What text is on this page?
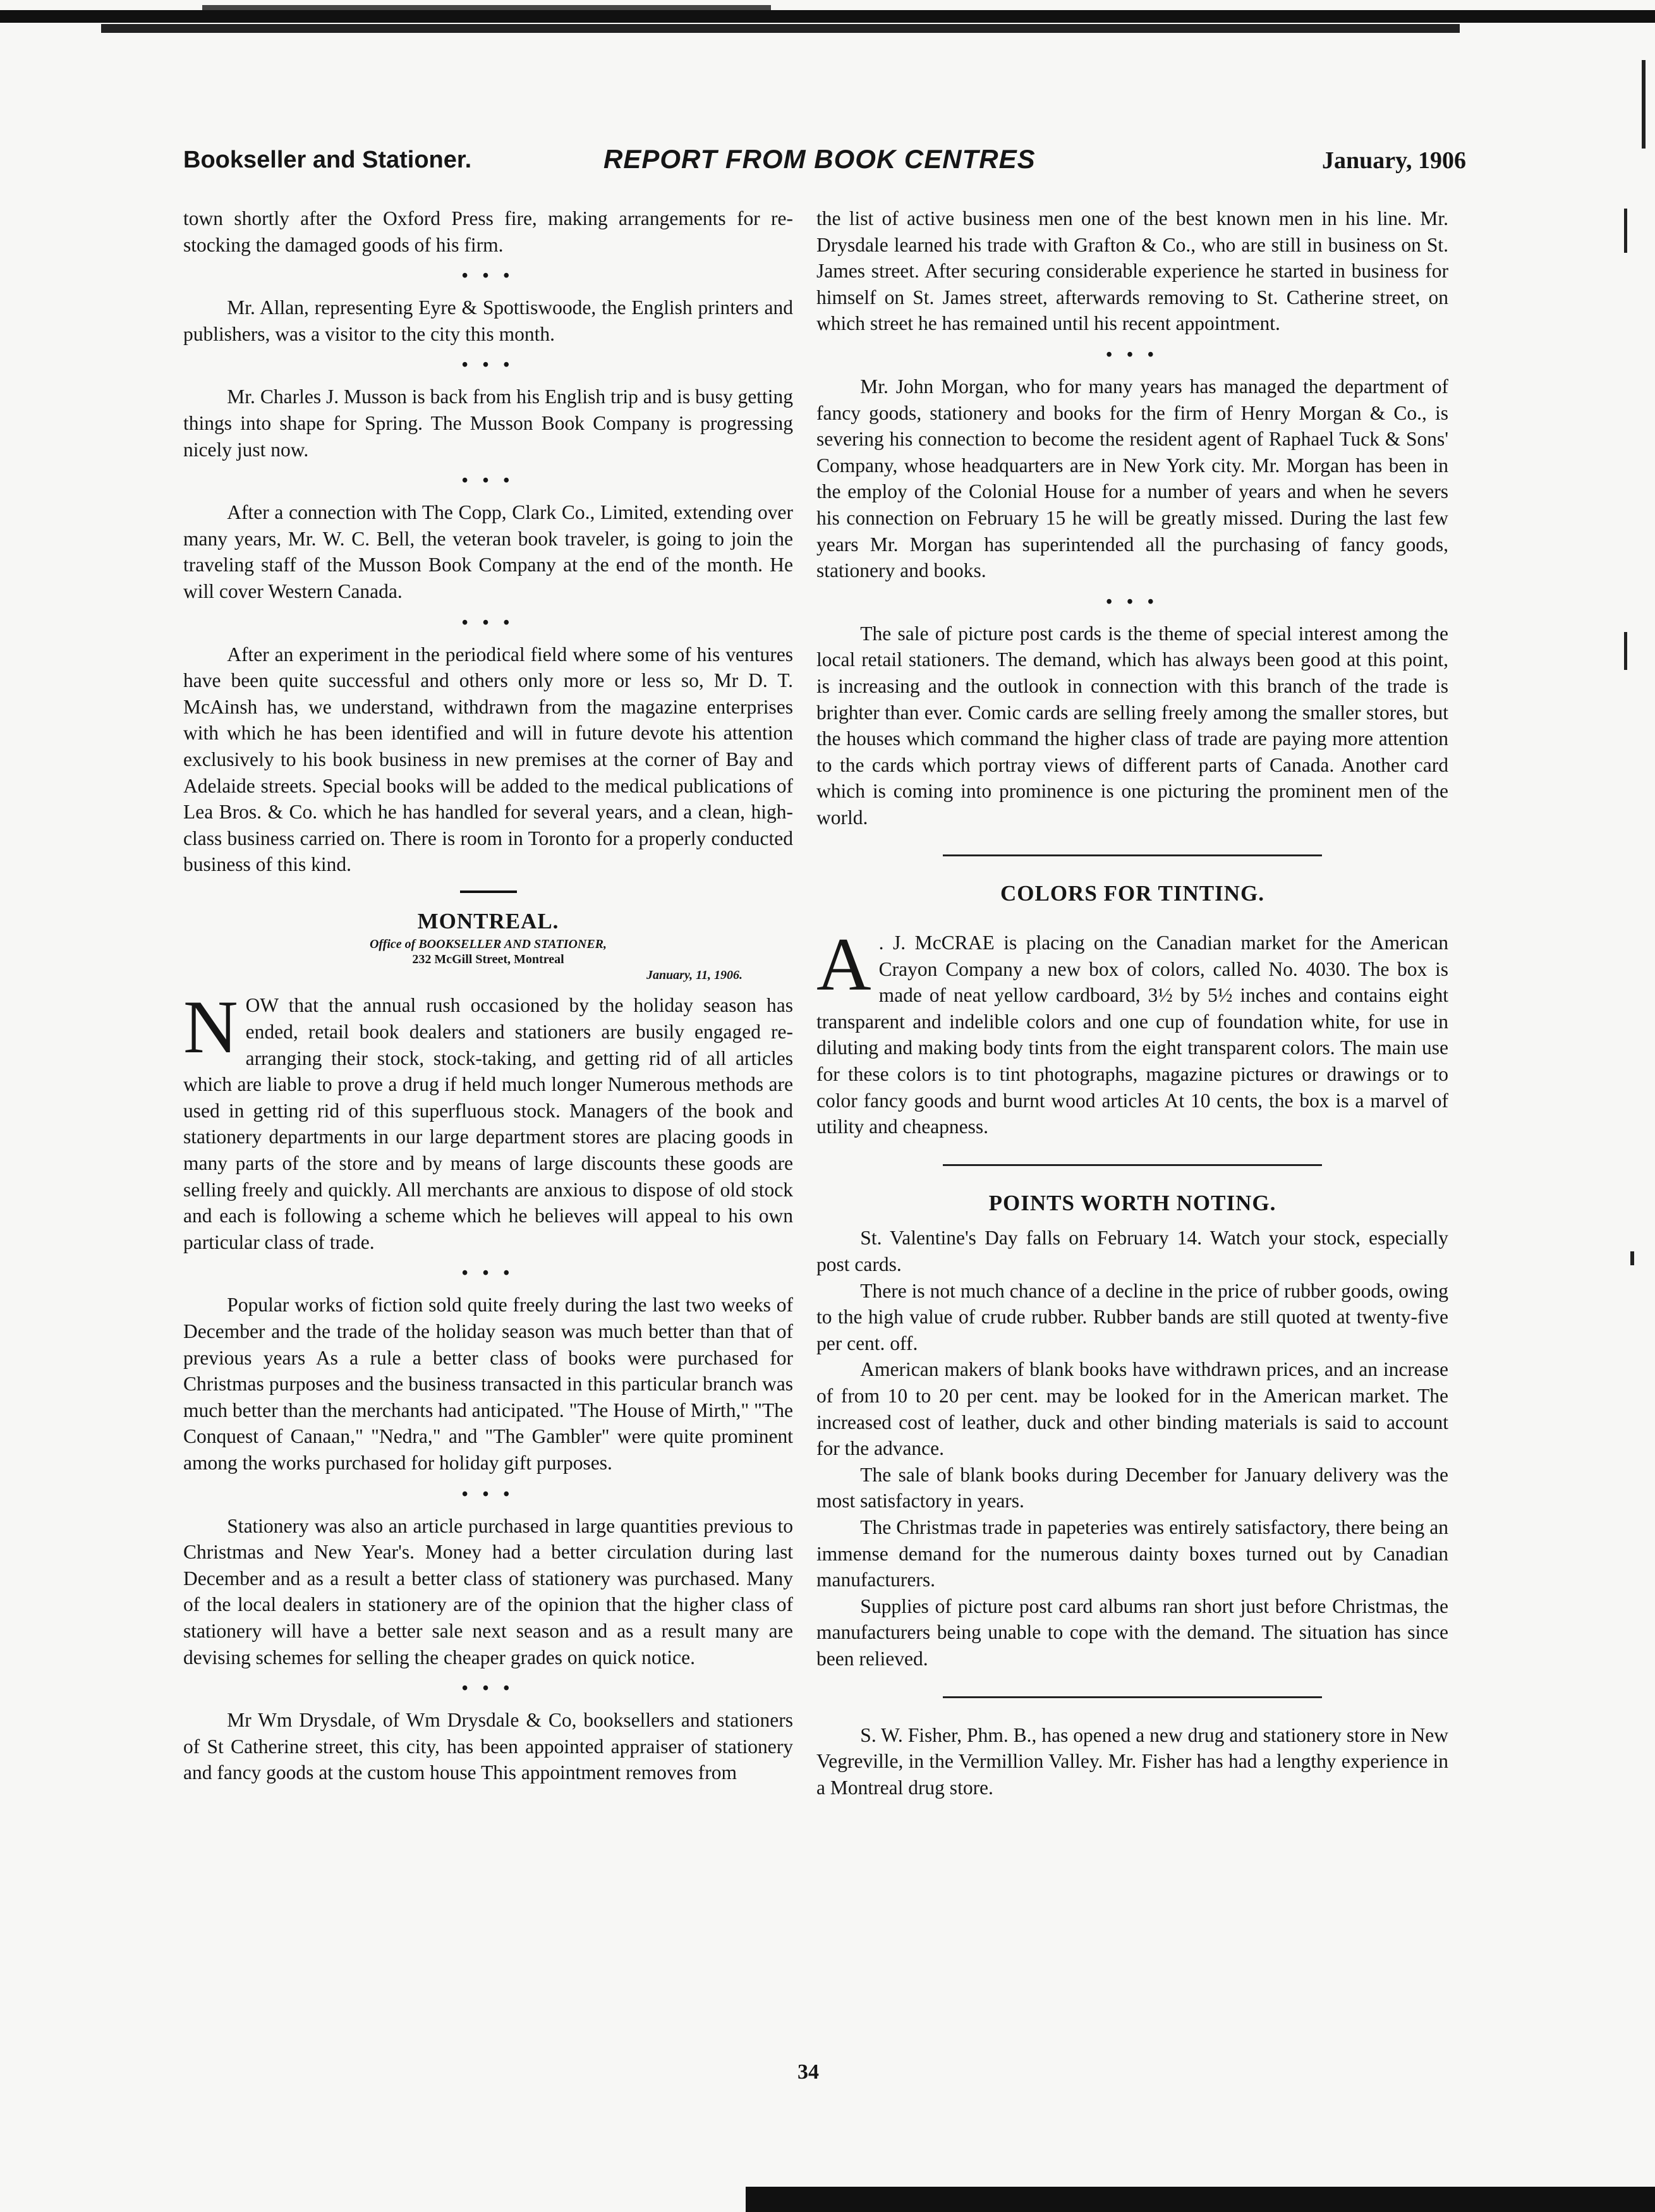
Bookseller and Stationer.	REPORT FROM BOOK CENTRES	January, 1906

town shortly after the Oxford Press fire, making arrangements for re-stocking the damaged goods of his firm.

• • •

Mr. Allan, representing Eyre & Spottiswoode, the English printers and publishers, was a visitor to the city this month.

• • •

Mr. Charles J. Musson is back from his English trip and is busy getting things into shape for Spring. The Musson Book Company is progressing nicely just now.

• • •

After a connection with The Copp, Clark Co., Limited, extending over many years, Mr. W. C. Bell, the veteran book traveler, is going to join the traveling staff of the Musson Book Company at the end of the month. He will cover Western Canada.

• • •

After an experiment in the periodical field where some of his ventures have been quite successful and others only more or less so, Mr D. T. McAinsh has, we understand, withdrawn from the magazine enterprises with which he has been identified and will in future devote his attention exclusively to his book business in new premises at the corner of Bay and Adelaide streets. Special books will be added to the medical publications of Lea Bros. & Co. which he has handled for several years, and a clean, high-class business carried on. There is room in Toronto for a properly conducted business of this kind.

MONTREAL.
Office of BOOKSELLER AND STATIONER,
232 McGill Street, Montreal
January, 11, 1906.

NOW that the annual rush occasioned by the holiday season has ended, retail book dealers and stationers are busily engaged re-arranging their stock, stock-taking, and getting rid of all articles which are liable to prove a drug if held much longer Numerous methods are used in getting rid of this superfluous stock. Managers of the book and stationery departments in our large department stores are placing goods in many parts of the store and by means of large discounts these goods are selling freely and quickly. All merchants are anxious to dispose of old stock and each is following a scheme which he believes will appeal to his own particular class of trade.

• • •

Popular works of fiction sold quite freely during the last two weeks of December and the trade of the holiday season was much better than that of previous years As a rule a better class of books were purchased for Christmas purposes and the business transacted in this particular branch was much better than the merchants had anticipated. "The House of Mirth," "The Conquest of Canaan," "Nedra," and "The Gambler" were quite prominent among the works purchased for holiday gift purposes.

• • •

Stationery was also an article purchased in large quantities previous to Christmas and New Year's. Money had a better circulation during last December and as a result a better class of stationery was purchased. Many of the local dealers in stationery are of the opinion that the higher class of stationery will have a better sale next season and as a result many are devising schemes for selling the cheaper grades on quick notice.

• • •

Mr Wm Drysdale, of Wm Drysdale & Co, booksellers and stationers of St Catherine street, this city, has been appointed appraiser of stationery and fancy goods at the custom house This appointment removes from

the list of active business men one of the best known men in his line. Mr. Drysdale learned his trade with Grafton & Co., who are still in business on St. James street. After securing considerable experience he started in business for himself on St. James street, afterwards removing to St. Catherine street, on which street he has remained until his recent appointment.

• • •

Mr. John Morgan, who for many years has managed the department of fancy goods, stationery and books for the firm of Henry Morgan & Co., is severing his connection to become the resident agent of Raphael Tuck & Sons' Company, whose headquarters are in New York city. Mr. Morgan has been in the employ of the Colonial House for a number of years and when he severs his connection on February 15 he will be greatly missed. During the last few years Mr. Morgan has superintended all the purchasing of fancy goods, stationery and books.

• • •

The sale of picture post cards is the theme of special interest among the local retail stationers. The demand, which has always been good at this point, is increasing and the outlook in connection with this branch of the trade is brighter than ever. Comic cards are selling freely among the smaller stores, but the houses which command the higher class of trade are paying more attention to the cards which portray views of different parts of Canada. Another card which is coming into prominence is one picturing the prominent men of the world.

COLORS FOR TINTING.

A . J. McCRAE is placing on the Canadian market for the American Crayon Company a new box of colors, called No. 4030. The box is made of neat yellow cardboard, 3½ by 5½ inches and contains eight transparent and indelible colors and one cup of foundation white, for use in diluting and making body tints from the eight transparent colors. The main use for these colors is to tint photographs, magazine pictures or drawings or to color fancy goods and burnt wood articles At 10 cents, the box is a marvel of utility and cheapness.

POINTS WORTH NOTING.

St. Valentine's Day falls on February 14. Watch your stock, especially post cards.

There is not much chance of a decline in the price of rubber goods, owing to the high value of crude rubber. Rubber bands are still quoted at twenty-five per cent. off.

American makers of blank books have withdrawn prices, and an increase of from 10 to 20 per cent. may be looked for in the American market. The increased cost of leather, duck and other binding materials is said to account for the advance.

The sale of blank books during December for January delivery was the most satisfactory in years.

The Christmas trade in papeteries was entirely satisfactory, there being an immense demand for the numerous dainty boxes turned out by Canadian manufacturers.

Supplies of picture post card albums ran short just before Christmas, the manufacturers being unable to cope with the demand. The situation has since been relieved.

S. W. Fisher, Phm. B., has opened a new drug and stationery store in New Vegreville, in the Vermillion Valley. Mr. Fisher has had a lengthy experience in a Montreal drug store.

34
